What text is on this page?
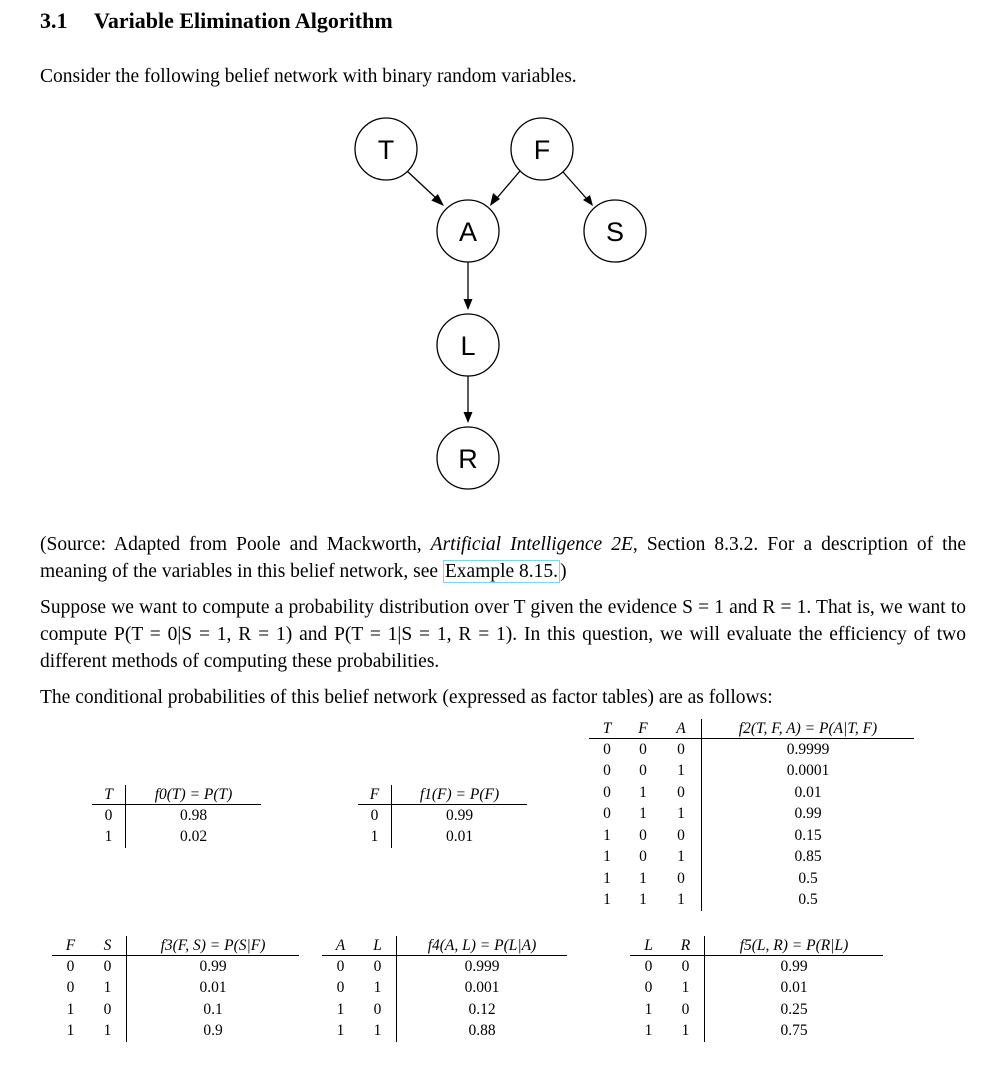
3.1 Variable Elimination Algorithm
Consider the following belief network with binary random variables.
T	F
A	S
L
R
(Source: Adapted from Poole and Mackworth, Artificial Intelligence 2E, Section 8.3.2. For a description of the meaning of the variables in this belief network, see Example 8.15. )
Suppose we want to compute a probability distribution over T given the evidence S = 1 and R = 1. That is, we want to compute P(T = 0|S = 1, R = 1) and P(T = 1|S = 1, R = 1). In this question, we will evaluate the efficiency of two different methods of computing these probabilities.
The conditional probabilities of this belief network (expressed as factor tables) are as follows:
T	f0(T) = P(T)
0	0.98
1	0.02
F	f1(F) = P(F)
0	0.99
1	0.01
T	F	A	f2(T, F, A) = P(A|T, F)
0	0	0	0.9999
0	0	1	0.0001
0	1	0	0.01
0	1	1	0.99
1	0	0	0.15
1	0	1	0.85
1	1	0	0.5
1	1	1	0.5
F	S	f3(F, S) = P(S|F)
0	0	0.99
0	1	0.01
1	0	0.1
1	1	0.9
A	L	f4(A, L) = P(L|A)
0	0	0.999
0	1	0.001
1	0	0.12
1	1	0.88
L	R	f5(L, R) = P(R|L)
0	0	0.99
0	1	0.01
1	0	0.25
1	1	0.75
